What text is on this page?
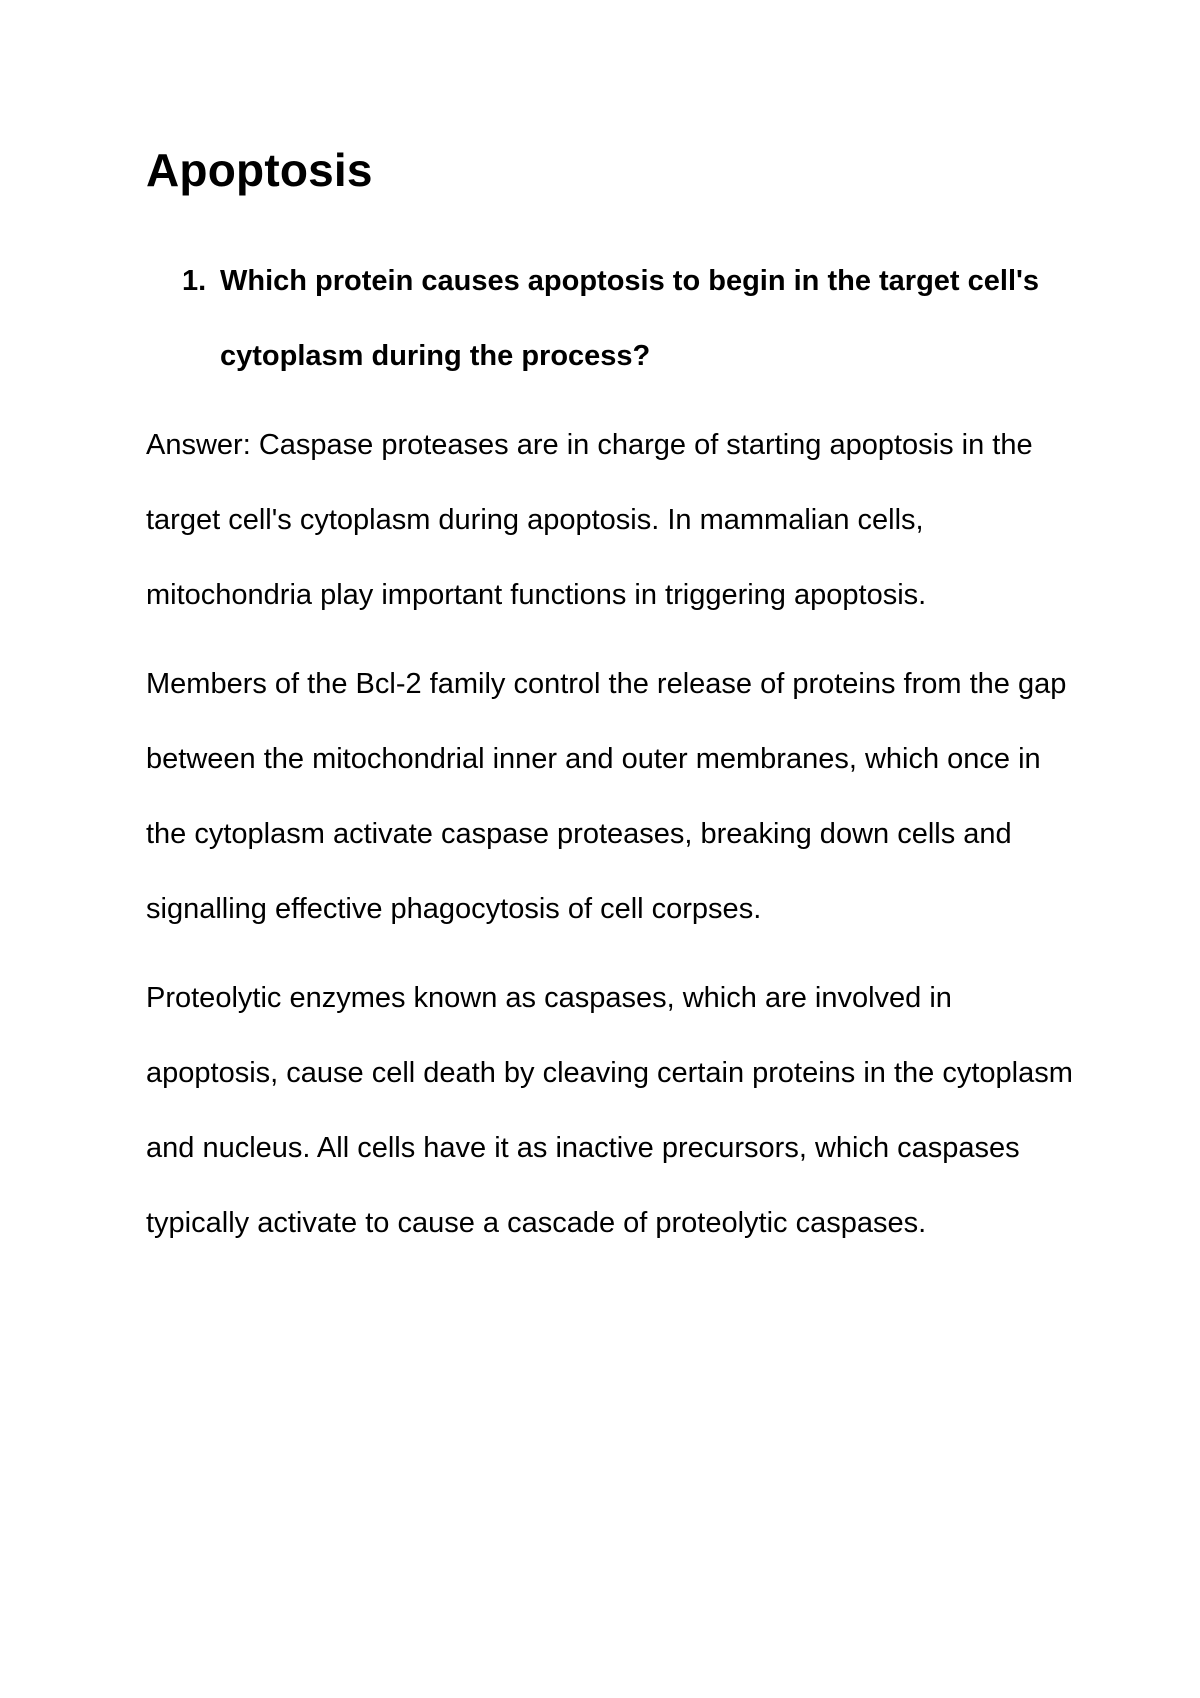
Apoptosis
1. Which protein causes apoptosis to begin in the target cell's cytoplasm during the process?

Answer: Caspase proteases are in charge of starting apoptosis in the target cell's cytoplasm during apoptosis. In mammalian cells, mitochondria play important functions in triggering apoptosis.

Members of the Bcl-2 family control the release of proteins from the gap between the mitochondrial inner and outer membranes, which once in the cytoplasm activate caspase proteases, breaking down cells and signalling effective phagocytosis of cell corpses.

Proteolytic enzymes known as caspases, which are involved in apoptosis, cause cell death by cleaving certain proteins in the cytoplasm and nucleus. All cells have it as inactive precursors, which caspases typically activate to cause a cascade of proteolytic caspases.
